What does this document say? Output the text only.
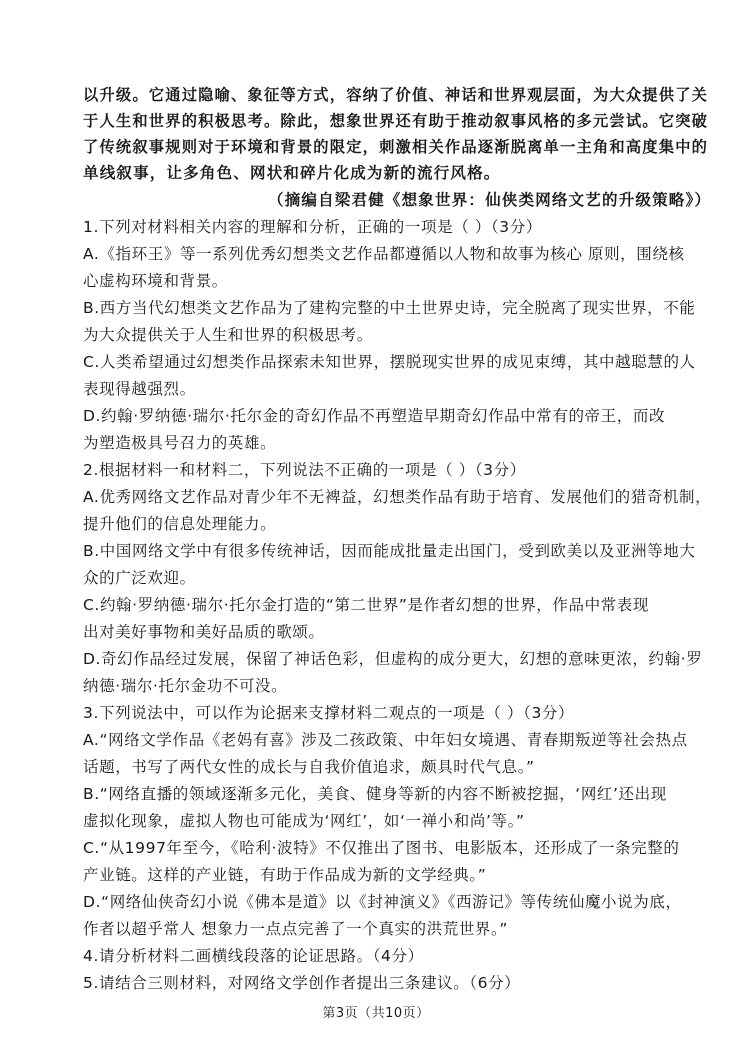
以升级。它通过隐喻、象征等方式，容纳了价值、神话和世界观层面，为大众提供了关
于人生和世界的积极思考。除此，想象世界还有助于推动叙事风格的多元尝试。它突破
了传统叙事规则对于环境和背景的限定，刺激相关作品逐渐脱离单一主角和高度集中的
单线叙事，让多角色、网状和碎片化成为新的流行风格。
（摘编自梁君健《想象世界：仙侠类网络文艺的升级策略》）
1.下列对材料相关内容的理解和分析，正确的一项是（ ）（3分）
A.《指环王》等一系列优秀幻想类文艺作品都遵循以人物和故事为核心 原则，围绕核
心虚构环境和背景。
B.西方当代幻想类文艺作品为了建构完整的中土世界史诗，完全脱离了现实世界，不能
为大众提供关于人生和世界的积极思考。
C.人类希望通过幻想类作品探索未知世界，摆脱现实世界的成见束缚，其中越聪慧的人
表现得越强烈。
D.约翰·罗纳德·瑞尔·托尔金的奇幻作品不再塑造早期奇幻作品中常有的帝王，而改
为塑造极具号召力的英雄。
2.根据材料一和材料二，下列说法不正确的一项是（ ）（3分）
A.优秀网络文艺作品对青少年不无裨益，幻想类作品有助于培育、发展他们的猎奇机制，
提升他们的信息处理能力。
B.中国网络文学中有很多传统神话，因而能成批量走出国门，受到欧美以及亚洲等地大
众的广泛欢迎。
C.约翰·罗纳德·瑞尔·托尔金打造的“第二世界”是作者幻想的世界，作品中常表现
出对美好事物和美好品质的歌颂。
D.奇幻作品经过发展，保留了神话色彩，但虚构的成分更大，幻想的意味更浓，约翰·罗
纳德·瑞尔·托尔金功不可没。
3.下列说法中，可以作为论据来支撑材料二观点的一项是（ ）（3分）
A.“网络文学作品《老妈有喜》涉及二孩政策、中年妇女境遇、青春期叛逆等社会热点
话题，书写了两代女性的成长与自我价值追求，颇具时代气息。”
B.“网络直播的领域逐渐多元化，美食、健身等新的内容不断被挖掘，‘网红’还出现
虚拟化现象，虚拟人物也可能成为‘网红’，如‘一禅小和尚’等。”
C.“从1997年至今，《哈利·波特》不仅推出了图书、电影版本，还形成了一条完整的
产业链。这样的产业链，有助于作品成为新的文学经典。”
D.“网络仙侠奇幻小说《佛本是道》以《封神演义》《西游记》等传统仙魔小说为底，
作者以超乎常人 想象力一点点完善了一个真实的洪荒世界。”
4.请分析材料二画横线段落的论证思路。（4分）
5.请结合三则材料，对网络文学创作者提出三条建议。（6分）
第3页（共10页）
